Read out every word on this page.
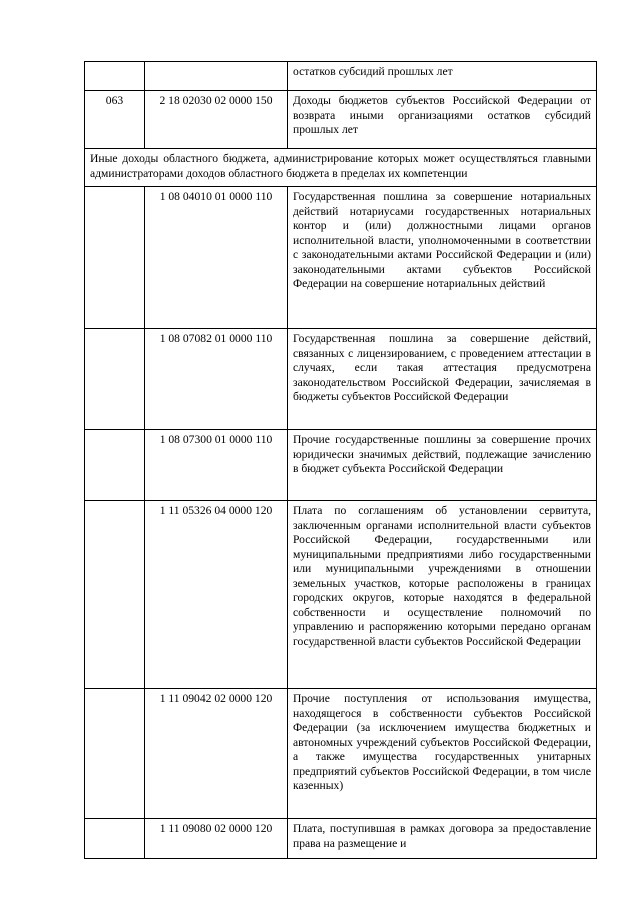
		остатков субсидий прошлых лет
063	2 18 02030 02 0000 150	Доходы бюджетов субъектов Российской Федерации от возврата иными организациями остатков субсидий прошлых лет
Иные доходы областного бюджета, администрирование которых может осуществляться главными администраторами доходов областного бюджета в пределах их компетенции		
	1 08 04010 01 0000 110	Государственная пошлина за совершение нотариальных действий нотариусами государственных нотариальных контор и (или) должностными лицами органов исполнительной власти, уполномоченными в соответствии с законодательными актами Российской Федерации и (или) законодательными актами субъектов Российской Федерации на совершение нотариальных действий
	1 08 07082 01 0000 110	Государственная пошлина за совершение действий, связанных с лицензированием, с проведением аттестации в случаях, если такая аттестация предусмотрена законодательством Российской Федерации, зачисляемая в бюджеты субъектов Российской Федерации
	1 08 07300 01 0000 110	Прочие государственные пошлины за совершение прочих юридически значимых действий, подлежащие зачислению в бюджет субъекта Российской Федерации
	1 11 05326 04 0000 120	Плата по соглашениям об установлении сервитута, заключенным органами исполнительной власти субъектов Российской Федерации, государственными или муниципальными предприятиями либо государственными или муниципальными учреждениями в отношении земельных участков, которые расположены в границах городских округов, которые находятся в федеральной собственности и осуществление полномочий по управлению и распоряжению которыми передано органам государственной власти субъектов Российской Федерации
	1 11 09042 02 0000 120	Прочие поступления от использования имущества, находящегося в собственности субъектов Российской Федерации (за исключением имущества бюджетных и автономных учреждений субъектов Российской Федерации, а также имущества государственных унитарных предприятий субъектов Российской Федерации, в том числе казенных)
	1 11 09080 02 0000 120	Плата, поступившая в рамках договора за предоставление права на размещение и
